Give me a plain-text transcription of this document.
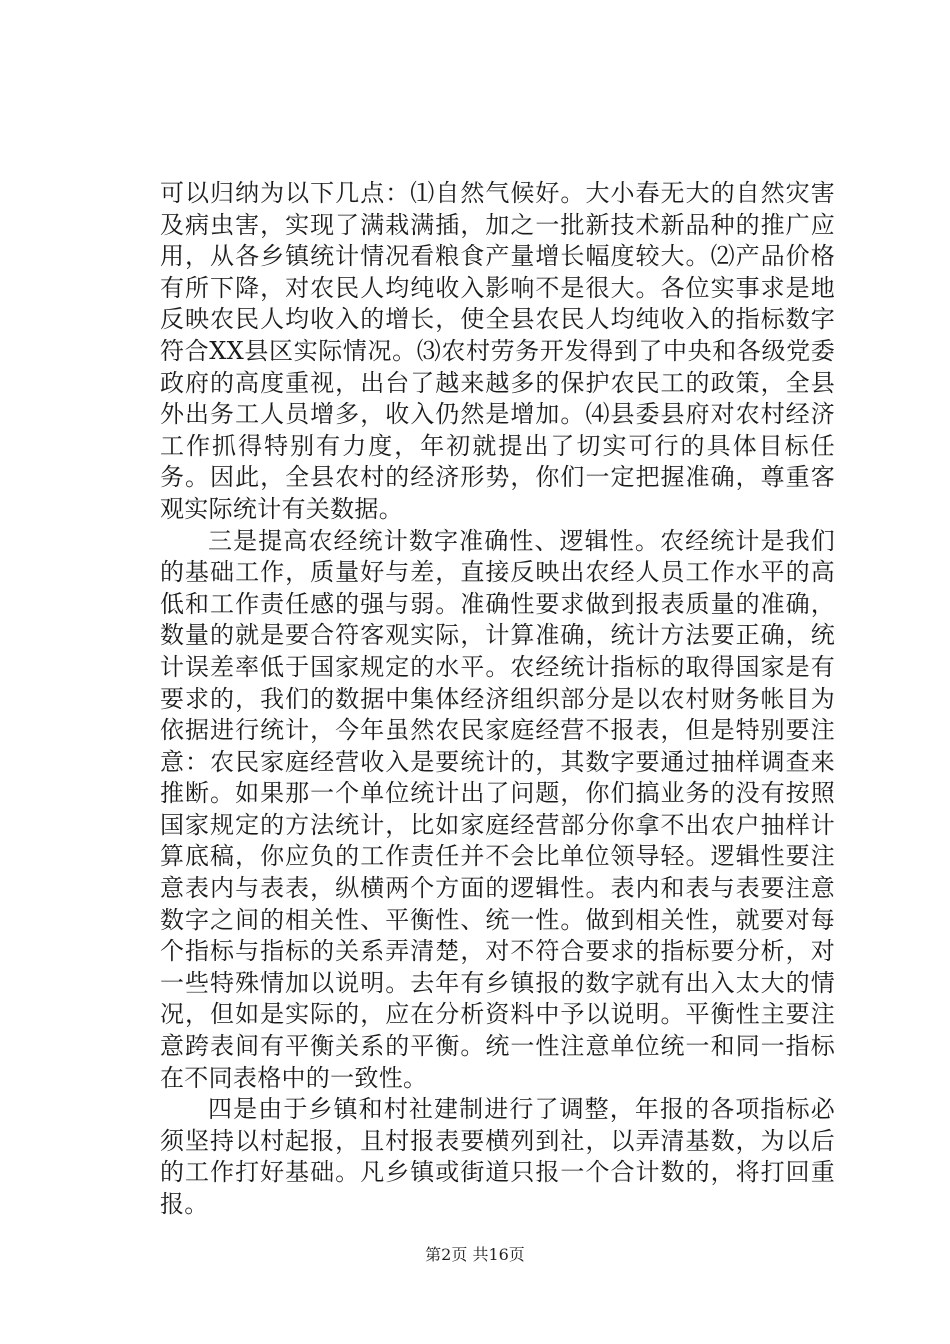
可以归纳为以下几点：⑴自然气候好。大小春无大的自然灾害及病虫害，实现了满栽满插，加之一批新技术新品种的推广应用，从各乡镇统计情况看粮食产量增长幅度较大。⑵产品价格有所下降，对农民人均纯收入影响不是很大。各位实事求是地反映农民人均收入的增长，使全县农民人均纯收入的指标数字符合XX县区实际情况。⑶农村劳务开发得到了中央和各级党委政府的高度重视，出台了越来越多的保护农民工的政策，全县外出务工人员增多，收入仍然是增加。⑷县委县府对农村经济工作抓得特别有力度，年初就提出了切实可行的具体目标任务。因此，全县农村的经济形势，你们一定把握准确，尊重客观实际统计有关数据。

三是提高农经统计数字准确性、逻辑性。农经统计是我们的基础工作，质量好与差，直接反映出农经人员工作水平的高低和工作责任感的强与弱。准确性要求做到报表质量的准确，数量的就是要合符客观实际，计算准确，统计方法要正确，统计误差率低于国家规定的水平。农经统计指标的取得国家是有要求的，我们的数据中集体经济组织部分是以农村财务帐目为依据进行统计，今年虽然农民家庭经营不报表，但是特别要注意：农民家庭经营收入是要统计的，其数字要通过抽样调查来推断。如果那一个单位统计出了问题，你们搞业务的没有按照国家规定的方法统计，比如家庭经营部分你拿不出农户抽样计算底稿，你应负的工作责任并不会比单位领导轻。逻辑性要注意表内与表表，纵横两个方面的逻辑性。表内和表与表要注意数字之间的相关性、平衡性、统一性。做到相关性，就要对每个指标与指标的关系弄清楚，对不符合要求的指标要分析，对一些特殊情加以说明。去年有乡镇报的数字就有出入太大的情况，但如是实际的，应在分析资料中予以说明。平衡性主要注意跨表间有平衡关系的平衡。统一性注意单位统一和同一指标在不同表格中的一致性。

四是由于乡镇和村社建制进行了调整，年报的各项指标必须坚持以村起报，且村报表要横列到社，以弄清基数，为以后的工作打好基础。凡乡镇或街道只报一个合计数的，将打回重报。

第2页 共16页
